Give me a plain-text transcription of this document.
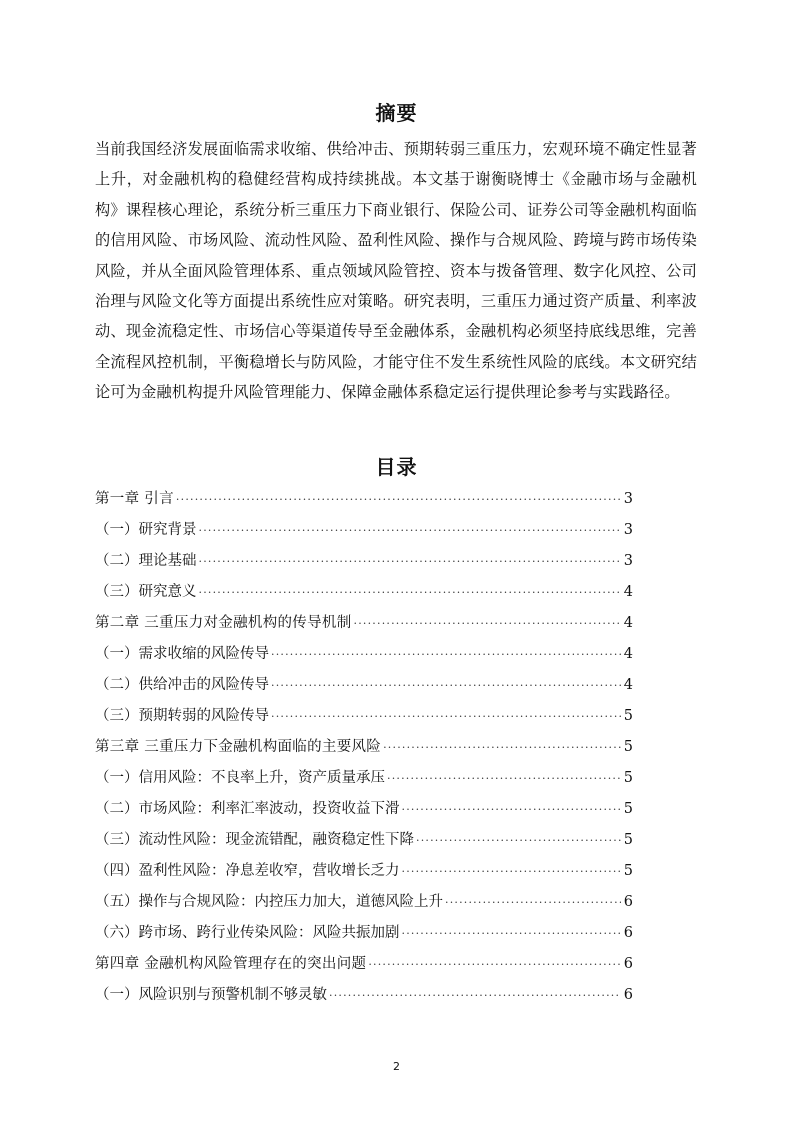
摘要
当前我国经济发展面临需求收缩、供给冲击、预期转弱三重压力，宏观环境不确定性显著上升，对金融机构的稳健经营构成持续挑战。本文基于谢衡晓博士《金融市场与金融机构》课程核心理论，系统分析三重压力下商业银行、保险公司、证券公司等金融机构面临的信用风险、市场风险、流动性风险、盈利性风险、操作与合规风险、跨境与跨市场传染风险，并从全面风险管理体系、重点领域风险管控、资本与拨备管理、数字化风控、公司治理与风险文化等方面提出系统性应对策略。研究表明，三重压力通过资产质量、利率波动、现金流稳定性、市场信心等渠道传导至金融体系，金融机构必须坚持底线思维，完善全流程风控机制，平衡稳增长与防风险，才能守住不发生系统性风险的底线。本文研究结论可为金融机构提升风险管理能力、保障金融体系稳定运行提供理论参考与实践路径。
目录
第一章 引言 ·····	3
（一）研究背景 ·····	3
（二）理论基础 ·····	3
（三）研究意义 ·····	4
第二章 三重压力对金融机构的传导机制 ·····	4
（一）需求收缩的风险传导 ·····	4
（二）供给冲击的风险传导 ·····	4
（三）预期转弱的风险传导 ·····	5
第三章 三重压力下金融机构面临的主要风险 ·····	5
（一）信用风险：不良率上升，资产质量承压 ·····	5
（二）市场风险：利率汇率波动，投资收益下滑 ·····	5
（三）流动性风险：现金流错配，融资稳定性下降 ·····	5
（四）盈利性风险：净息差收窄，营收增长乏力 ·····	5
（五）操作与合规风险：内控压力加大，道德风险上升 ·····	6
（六）跨市场、跨行业传染风险：风险共振加剧 ·····	6
第四章 金融机构风险管理存在的突出问题 ·····	6
（一）风险识别与预警机制不够灵敏 ·····	6
2
